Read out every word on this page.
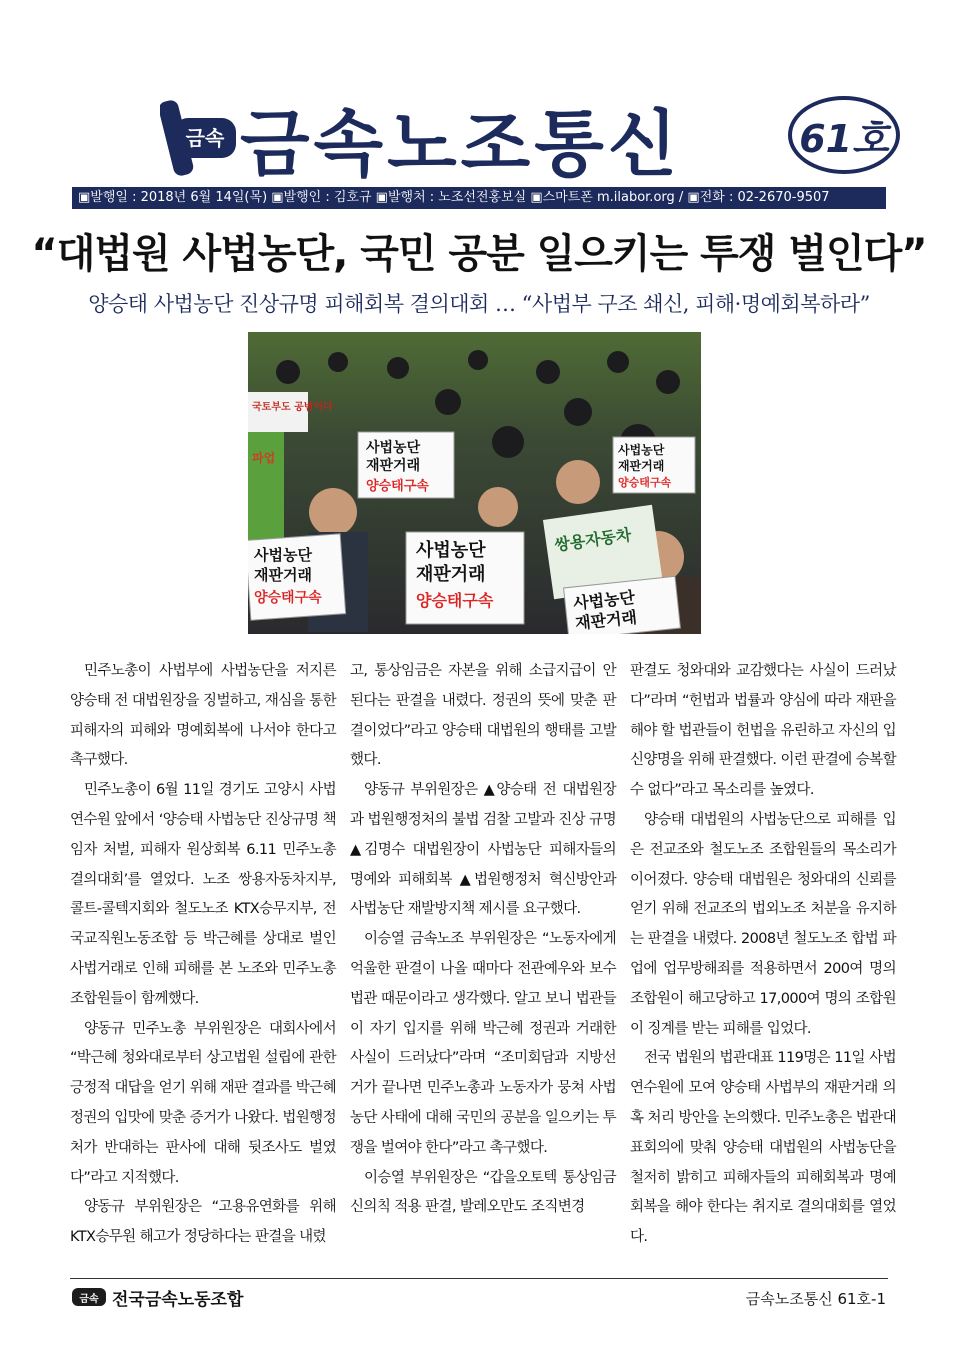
금속 금속노조통신	61호
▣발행일 : 2018년 6월 14일(목) ▣발행인 : 김호규 ▣발행처 : 노조선전홍보실 ▣스마트폰 m.ilabor.org / ▣전화 : 02-2670-9507
“대법원 사법농단, 국민 공분 일으키는 투쟁 벌인다”
양승태 사법농단 진상규명 피해회복 결의대회 … “사법부 구조 쇄신, 피해·명예회복하라”
국토부도 공범이다
파업
쌍용자동차
사법농단
재판거래
양승태구속
사법농단
재판거래
양승태구속
사법농단
재판거래
양승태구속
사법농단
재판거래
양승태구속	사법농단
재판거래

민주노총이 사법부에 사법농단을 저지른 양승태 전 대법원장을 징벌하고, 재심을 통한 피해자의 피해와 명예회복에 나서야 한다고 촉구했다.

민주노총이 6월 11일 경기도 고양시 사법연수원 앞에서 ‘양승태 사법농단 진상규명 책임자 처벌, 피해자 원상회복 6.11 민주노총 결의대회’를 열었다. 노조 쌍용자동차지부, 콜트-콜텍지회와 철도노조 KTX승무지부, 전국교직원노동조합 등 박근혜를 상대로 벌인 사법거래로 인해 피해를 본 노조와 민주노총 조합원들이 함께했다.

양동규 민주노총 부위원장은 대회사에서 “박근혜 청와대로부터 상고법원 설립에 관한 긍정적 대답을 얻기 위해 재판 결과를 박근혜 정권의 입맛에 맞춘 증거가 나왔다. 법원행정처가 반대하는 판사에 대해 뒷조사도 벌였다”라고 지적했다.

양동규 부위원장은 “고용유연화를 위해 KTX승무원 해고가 정당하다는 판결을 내렸

고, 통상임금은 자본을 위해 소급지급이 안 된다는 판결을 내렸다. 정권의 뜻에 맞춘 판결이었다”라고 양승태 대법원의 행태를 고발했다.

양동규 부위원장은 ▲양승태 전 대법원장과 법원행정처의 불법 검찰 고발과 진상 규명 ▲김명수 대법원장이 사법농단 피해자들의 명예와 피해회복 ▲법원행정처 혁신방안과 사법농단 재발방지책 제시를 요구했다.

이승열 금속노조 부위원장은 “노동자에게 억울한 판결이 나올 때마다 전관예우와 보수 법관 때문이라고 생각했다. 알고 보니 법관들이 자기 입지를 위해 박근혜 정권과 거래한 사실이 드러났다”라며 “조미회담과 지방선거가 끝나면 민주노총과 노동자가 뭉쳐 사법농단 사태에 대해 국민의 공분을 일으키는 투쟁을 벌여야 한다”라고 촉구했다.

이승열 부위원장은 “갑을오토텍 통상임금 신의칙 적용 판결, 발레오만도 조직변경

판결도 청와대와 교감했다는 사실이 드러났다”라며 “헌법과 법률과 양심에 따라 재판을 해야 할 법관들이 헌법을 유린하고 자신의 입신양명을 위해 판결했다. 이런 판결에 승복할 수 없다”라고 목소리를 높였다.

양승태 대법원의 사법농단으로 피해를 입은 전교조와 철도노조 조합원들의 목소리가 이어졌다. 양승태 대법원은 청와대의 신뢰를 얻기 위해 전교조의 법외노조 처분을 유지하는 판결을 내렸다. 2008년 철도노조 합법 파업에 업무방해죄를 적용하면서 200여 명의 조합원이 해고당하고 17,000여 명의 조합원이 징계를 받는 피해를 입었다.

전국 법원의 법관대표 119명은 11일 사법연수원에 모여 양승태 사법부의 재판거래 의혹 처리 방안을 논의했다. 민주노총은 법관대표회의에 맞춰 양승태 대법원의 사법농단을 철저히 밝히고 피해자들의 피해회복과 명예회복을 해야 한다는 취지로 결의대회를 열었다.

금속 전국금속노동조합	금속노조통신 61호-1
